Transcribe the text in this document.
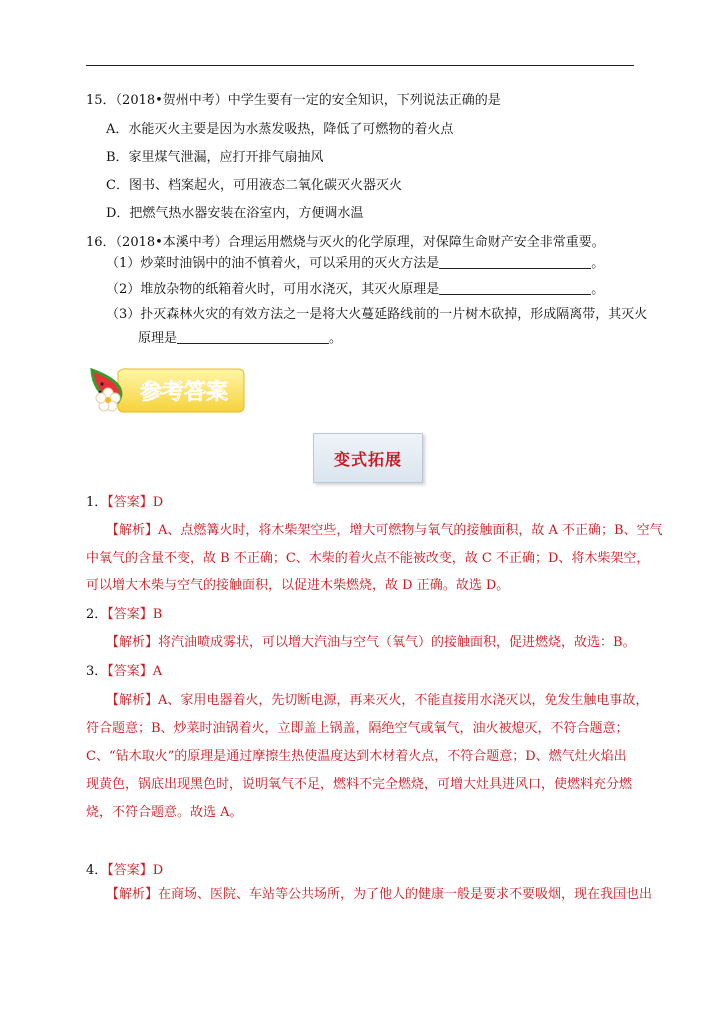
15．（2018•贺州中考）中学生要有一定的安全知识，下列说法正确的是
A．水能灭火主要是因为水蒸发吸热，降低了可燃物的着火点
B．家里煤气泄漏，应打开排气扇抽风
C．图书、档案起火，可用液态二氧化碳灭火器灭火
D．把燃气热水器安装在浴室内，方便调水温
16．（2018•本溪中考）合理运用燃烧与灭火的化学原理，对保障生命财产安全非常重要。
（1）炒菜时油锅中的油不慎着火，可以采用的灭火方法是	。
（2）堆放杂物的纸箱着火时，可用水浇灭，其灭火原理是	。
（3）扑灭森林火灾的有效方法之一是将大火蔓延路线前的一片树木砍掉，形成隔离带，其灭火
原理是	。
参考答案
变式拓展
1．【答案】D
【解析】A、点燃篝火时，将木柴架空些，增大可燃物与氧气的接触面积，故 A 不正确；B、空气
中氧气的含量不变，故 B 不正确；C、木柴的着火点不能被改变，故 C 不正确；D、将木柴架空，
可以增大木柴与空气的接触面积，以促进木柴燃烧，故 D 正确。故选 D。
2．【答案】B
【解析】将汽油喷成雾状，可以增大汽油与空气（氧气）的接触面积，促进燃烧，故选：B。
3．【答案】A
【解析】A、家用电器着火，先切断电源，再来灭火，不能直接用水浇灭以，免发生触电事故，
符合题意；B、炒菜时油锅着火，立即盖上锅盖，隔绝空气或氧气，油火被熄灭，不符合题意；
C、“钻木取火”的原理是通过摩擦生热使温度达到木材着火点，不符合题意；D、燃气灶火焰出
现黄色，锅底出现黑色时，说明氧气不足，燃料不完全燃烧，可增大灶具进风口，使燃料充分燃
烧，不符合题意。故选 A。
4．【答案】D
【解析】在商场、医院、车站等公共场所，为了他人的健康一般是要求不要吸烟，现在我国也出
